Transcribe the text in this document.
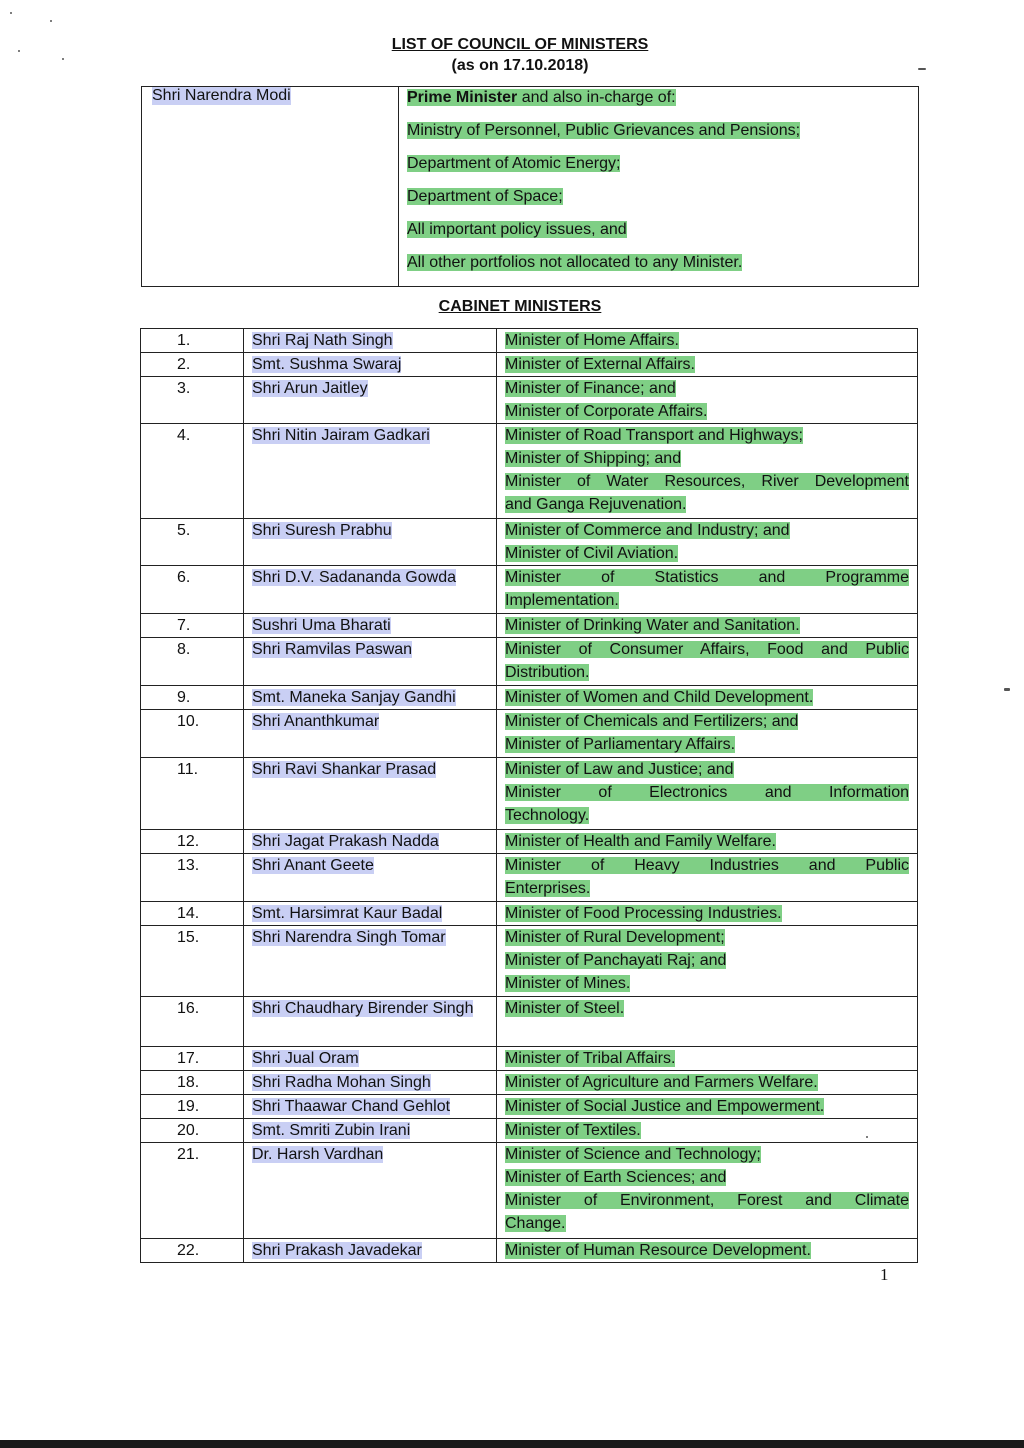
LIST OF COUNCIL OF MINISTERS
(as on 17.10.2018)
Shri Narendra Modi	Prime Minister and also in-charge of:
Ministry of Personnel, Public Grievances and Pensions;
Department of Atomic Energy;
Department of Space;
All important policy issues, and
All other portfolios not allocated to any Minister.
CABINET MINISTERS
1.	Shri Raj Nath Singh	Minister of Home Affairs.

2.	Smt. Sushma Swaraj	Minister of External Affairs.

3.	Shri Arun Jaitley	Minister of Finance; and
Minister of Corporate Affairs.

4.	Shri Nitin Jairam Gadkari	Minister of Road Transport and Highways;
Minister of Shipping; and
Minister of Water Resources, River Development
and Ganga Rejuvenation.

5.	Shri Suresh Prabhu	Minister of Commerce and Industry; and
Minister of Civil Aviation.

6.	Shri D.V. Sadananda Gowda	Minister of Statistics and Programme
Implementation.

7.	Sushri Uma Bharati	Minister of Drinking Water and Sanitation.

8.	Shri Ramvilas Paswan	Minister of Consumer Affairs, Food and Public
Distribution.

9.	Smt. Maneka Sanjay Gandhi	Minister of Women and Child Development.

10.	Shri Ananthkumar	Minister of Chemicals and Fertilizers; and
Minister of Parliamentary Affairs.

11.	Shri Ravi Shankar Prasad	Minister of Law and Justice; and
Minister of Electronics and Information
Technology.

12.	Shri Jagat Prakash Nadda	Minister of Health and Family Welfare.

13.	Shri Anant Geete	Minister of Heavy Industries and Public
Enterprises.

14.	Smt. Harsimrat Kaur Badal	Minister of Food Processing Industries.

15.	Shri Narendra Singh Tomar	Minister of Rural Development;
Minister of Panchayati Raj; and
Minister of Mines.

16.	Shri Chaudhary Birender Singh	Minister of Steel.

17.	Shri Jual Oram	Minister of Tribal Affairs.

18.	Shri Radha Mohan Singh	Minister of Agriculture and Farmers Welfare.

19.	Shri Thaawar Chand Gehlot	Minister of Social Justice and Empowerment.

20.	Smt. Smriti Zubin Irani	Minister of Textiles.

21.	Dr. Harsh Vardhan	Minister of Science and Technology;
Minister of Earth Sciences; and
Minister of Environment, Forest and Climate
Change.

22.	Shri Prakash Javadekar	Minister of Human Resource Development.
1
